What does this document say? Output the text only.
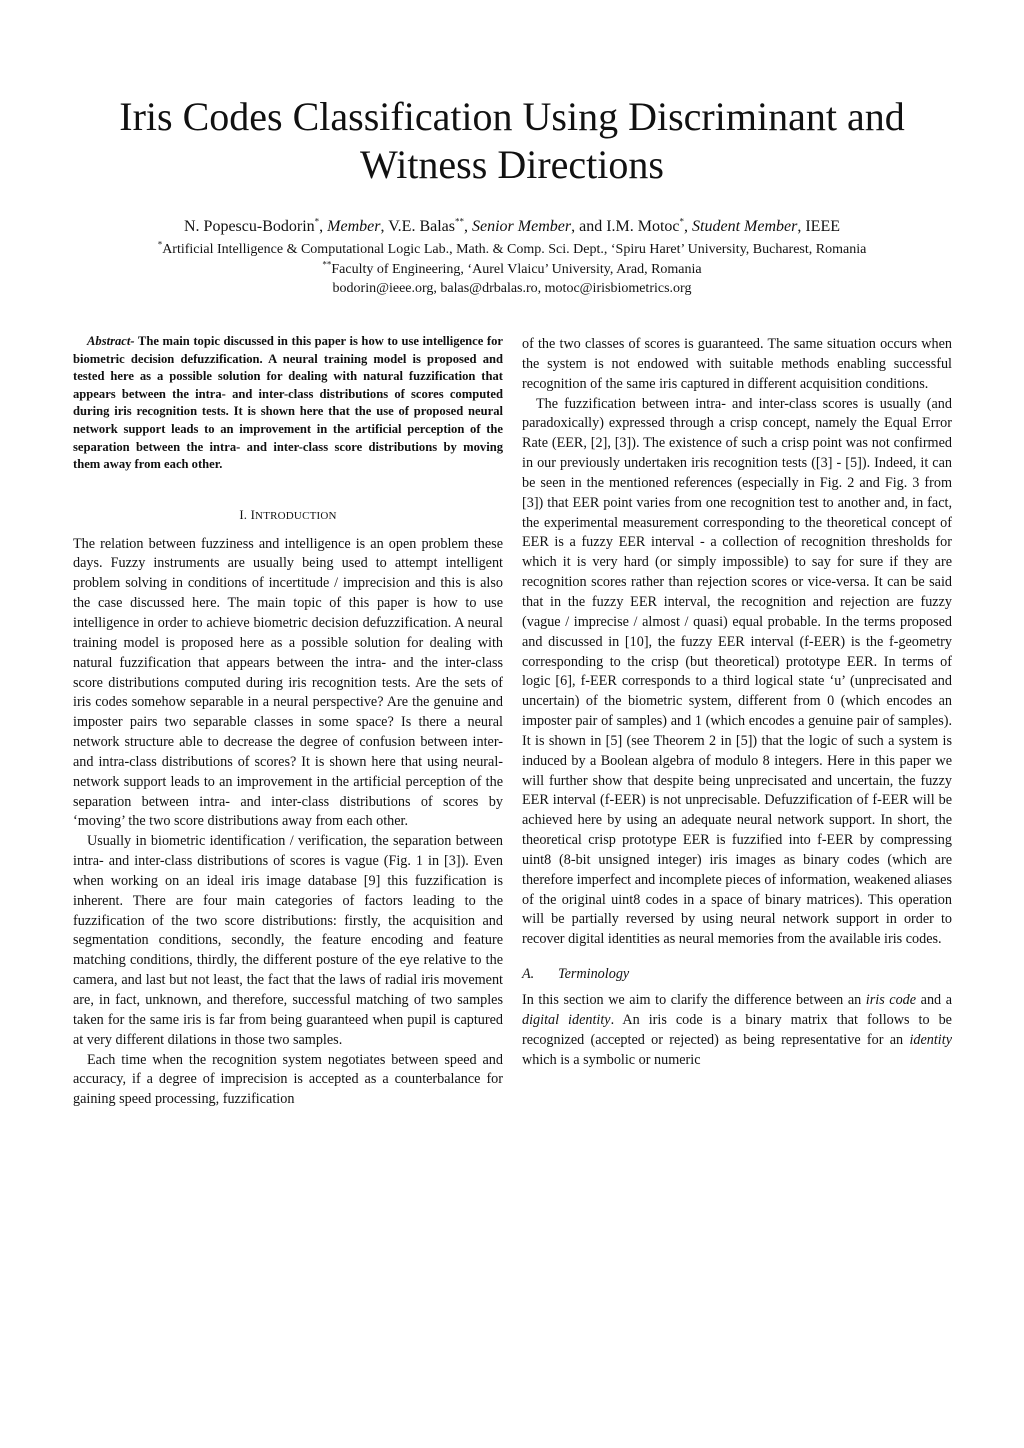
Iris Codes Classification Using Discriminant and
Witness Directions
N. Popescu-Bodorin*, Member, V.E. Balas**, Senior Member, and I.M. Motoc*, Student Member, IEEE
*Artificial Intelligence & Computational Logic Lab., Math. & Comp. Sci. Dept., ‘Spiru Haret’ University, Bucharest, Romania
**Faculty of Engineering, ‘Aurel Vlaicu’ University, Arad, Romania
bodorin@ieee.org, balas@drbalas.ro, motoc@irisbiometrics.org

Abstract- The main topic discussed in this paper is how to use intelligence for biometric decision defuzzification. A neural training model is proposed and tested here as a possible solution for dealing with natural fuzzification that appears between the intra- and inter-class distributions of scores computed during iris recognition tests. It is shown here that the use of proposed neural network support leads to an improvement in the artificial perception of the separation between the intra- and inter-class score distributions by moving them away from each other.

I. INTRODUCTION

The relation between fuzziness and intelligence is an open problem these days. Fuzzy instruments are usually being used to attempt intelligent problem solving in conditions of incertitude / imprecision and this is also the case discussed here. The main topic of this paper is how to use intelligence in order to achieve biometric decision defuzzification. A neural training model is proposed here as a possible solution for dealing with natural fuzzification that appears between the intra- and the inter-class score distributions computed during iris recognition tests. Are the sets of iris codes somehow separable in a neural perspective? Are the genuine and imposter pairs two separable classes in some space? Is there a neural network structure able to decrease the degree of confusion between inter- and intra-class distributions of scores? It is shown here that using neural-network support leads to an improvement in the artificial perception of the separation between intra- and inter-class distributions of scores by ‘moving’ the two score distributions away from each other.

Usually in biometric identification / verification, the separation between intra- and inter-class distributions of scores is vague (Fig. 1 in [3]). Even when working on an ideal iris image database [9] this fuzzification is inherent. There are four main categories of factors leading to the fuzzification of the two score distributions: firstly, the acquisition and segmentation conditions, secondly, the feature encoding and feature matching conditions, thirdly, the different posture of the eye relative to the camera, and last but not least, the fact that the laws of radial iris movement are, in fact, unknown, and therefore, successful matching of two samples taken for the same iris is far from being guaranteed when pupil is captured at very different dilations in those two samples.

Each time when the recognition system negotiates between speed and accuracy, if a degree of imprecision is accepted as a counterbalance for gaining speed processing, fuzzification

of the two classes of scores is guaranteed. The same situation occurs when the system is not endowed with suitable methods enabling successful recognition of the same iris captured in different acquisition conditions.

The fuzzification between intra- and inter-class scores is usually (and paradoxically) expressed through a crisp concept, namely the Equal Error Rate (EER, [2], [3]). The existence of such a crisp point was not confirmed in our previously undertaken iris recognition tests ([3] - [5]). Indeed, it can be seen in the mentioned references (especially in Fig. 2 and Fig. 3 from [3]) that EER point varies from one recognition test to another and, in fact, the experimental measurement corresponding to the theoretical concept of EER is a fuzzy EER interval - a collection of recognition thresholds for which it is very hard (or simply impossible) to say for sure if they are recognition scores rather than rejection scores or vice-versa. It can be said that in the fuzzy EER interval, the recognition and rejection are fuzzy (vague / imprecise / almost / quasi) equal probable. In the terms proposed and discussed in [10], the fuzzy EER interval (f-EER) is the f-geometry corresponding to the crisp (but theoretical) prototype EER. In terms of logic [6], f-EER corresponds to a third logical state ‘u’ (unprecisated and uncertain) of the biometric system, different from 0 (which encodes an imposter pair of samples) and 1 (which encodes a genuine pair of samples). It is shown in [5] (see Theorem 2 in [5]) that the logic of such a system is induced by a Boolean algebra of modulo 8 integers. Here in this paper we will further show that despite being unprecisated and uncertain, the fuzzy EER interval (f-EER) is not unprecisable. Defuzzification of f-EER will be achieved here by using an adequate neural network support. In short, the theoretical crisp prototype EER is fuzzified into f-EER by compressing uint8 (8-bit unsigned integer) iris images as binary codes (which are therefore imperfect and incomplete pieces of information, weakened aliases of the original uint8 codes in a space of binary matrices). This operation will be partially reversed by using neural network support in order to recover digital identities as neural memories from the available iris codes.

A. Terminology

In this section we aim to clarify the difference between an iris code and a digital identity. An iris code is a binary matrix that follows to be recognized (accepted or rejected) as being representative for an identity which is a symbolic or numeric
